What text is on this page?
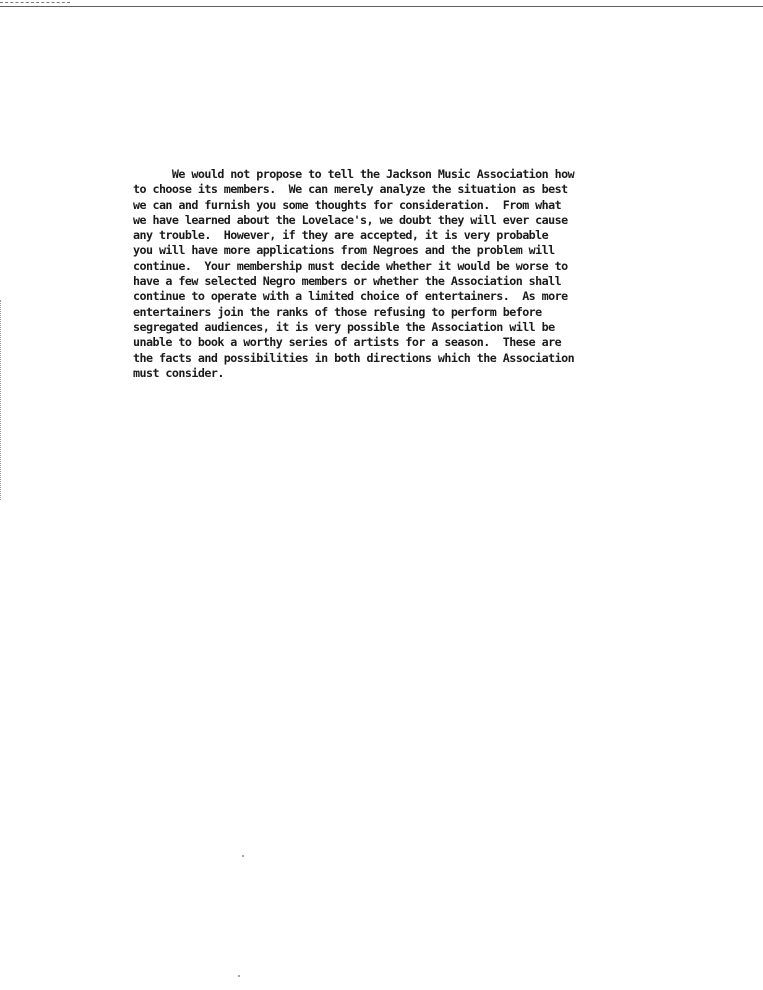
We would not propose to tell the Jackson Music Association how
to choose its members.  We can merely analyze the situation as best
we can and furnish you some thoughts for consideration.  From what
we have learned about the Lovelace's, we doubt they will ever cause
any trouble.  However, if they are accepted, it is very probable
you will have more applications from Negroes and the problem will
continue.  Your membership must decide whether it would be worse to
have a few selected Negro members or whether the Association shall
continue to operate with a limited choice of entertainers.  As more
entertainers join the ranks of those refusing to perform before
segregated audiences, it is very possible the Association will be
unable to book a worthy series of artists for a season.  These are
the facts and possibilities in both directions which the Association
must consider.
